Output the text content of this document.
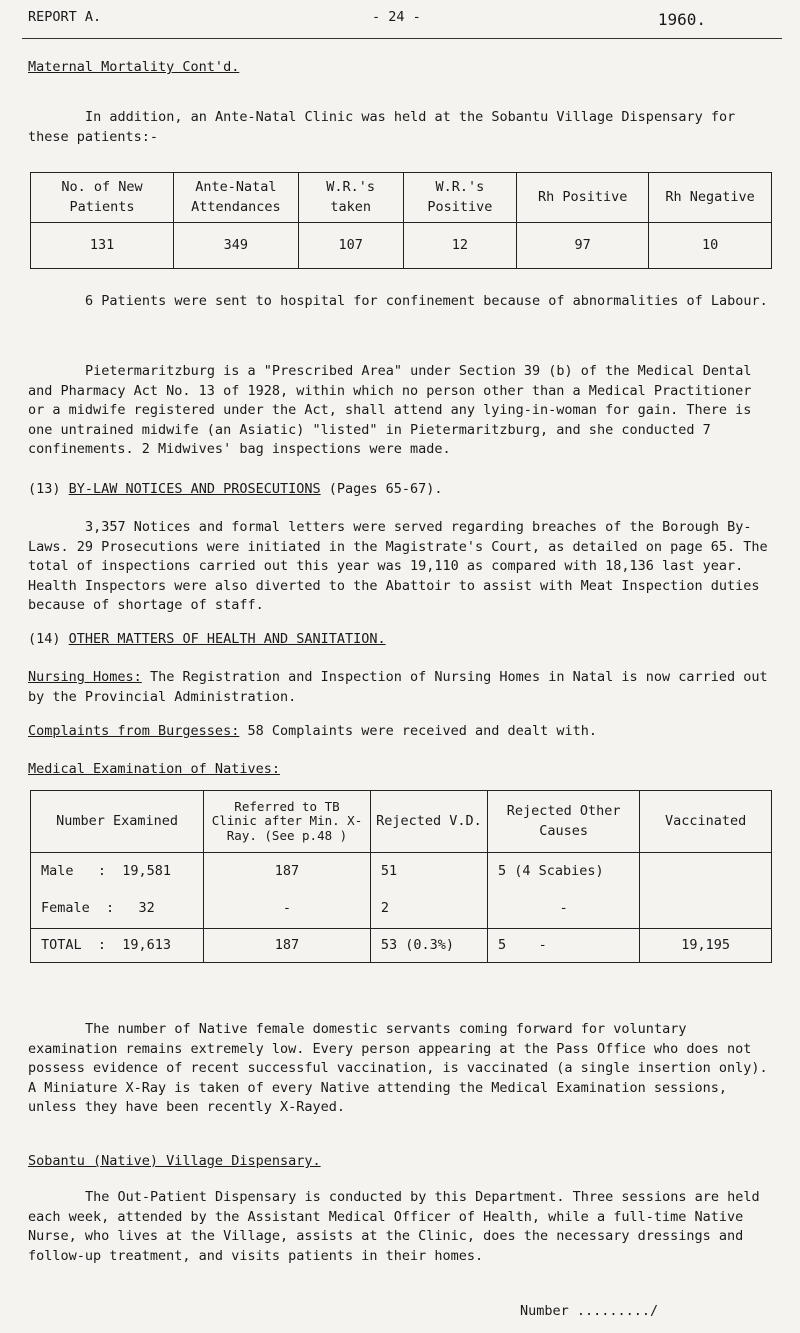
REPORT A.	- 24 -	1960.
Maternal Mortality Cont'd.
In addition, an Ante-Natal Clinic was held at the Sobantu Village Dispensary for these patients:-
No. of New Patients	Ante-Natal Attendances	W.R.'s taken	W.R.'s Positive	Rh Positive	Rh Negative
131	349	107	12	97	10
6 Patients were sent to hospital for confinement because of abnormalities of Labour.
Pietermaritzburg is a "Prescribed Area" under Section 39 (b) of the Medical Dental and Pharmacy Act No. 13 of 1928, within which no person other than a Medical Practitioner or a midwife registered under the Act, shall attend any lying-in-woman for gain. There is one untrained midwife (an Asiatic) "listed" in Pietermaritzburg, and she conducted 7 confinements. 2 Midwives' bag inspections were made.
(13) BY-LAW NOTICES AND PROSECUTIONS (Pages 65-67).
3,357 Notices and formal letters were served regarding breaches of the Borough By-Laws. 29 Prosecutions were initiated in the Magistrate's Court, as detailed on page 65. The total of inspections carried out this year was 19,110 as compared with 18,136 last year. Health Inspectors were also diverted to the Abattoir to assist with Meat Inspection duties because of shortage of staff.
(14) OTHER MATTERS OF HEALTH AND SANITATION.
Nursing Homes: The Registration and Inspection of Nursing Homes in Natal is now carried out by the Provincial Administration.
Complaints from Burgesses: 58 Complaints were received and dealt with.
Medical Examination of Natives:
Number Examined	Referred to TB Clinic after Min. X-Ray. (See p.48 )	Rejected V.D.	Rejected Other Causes	Vaccinated
Male   :  19,581	187	51	5 (4 Scabies)	
Female  :   32	-	2	-	
TOTAL  :  19,613	187	53 (0.3%)	5    -	19,195
The number of Native female domestic servants coming forward for voluntary examination remains extremely low. Every person appearing at the Pass Office who does not possess evidence of recent successful vaccination, is vaccinated (a single insertion only). A Miniature X-Ray is taken of every Native attending the Medical Examination sessions, unless they have been recently X-Rayed.
Sobantu (Native) Village Dispensary.
The Out-Patient Dispensary is conducted by this Department. Three sessions are held each week, attended by the Assistant Medical Officer of Health, while a full-time Native Nurse, who lives at the Village, assists at the Clinic, does the necessary dressings and follow-up treatment, and visits patients in their homes.
Number ........./
